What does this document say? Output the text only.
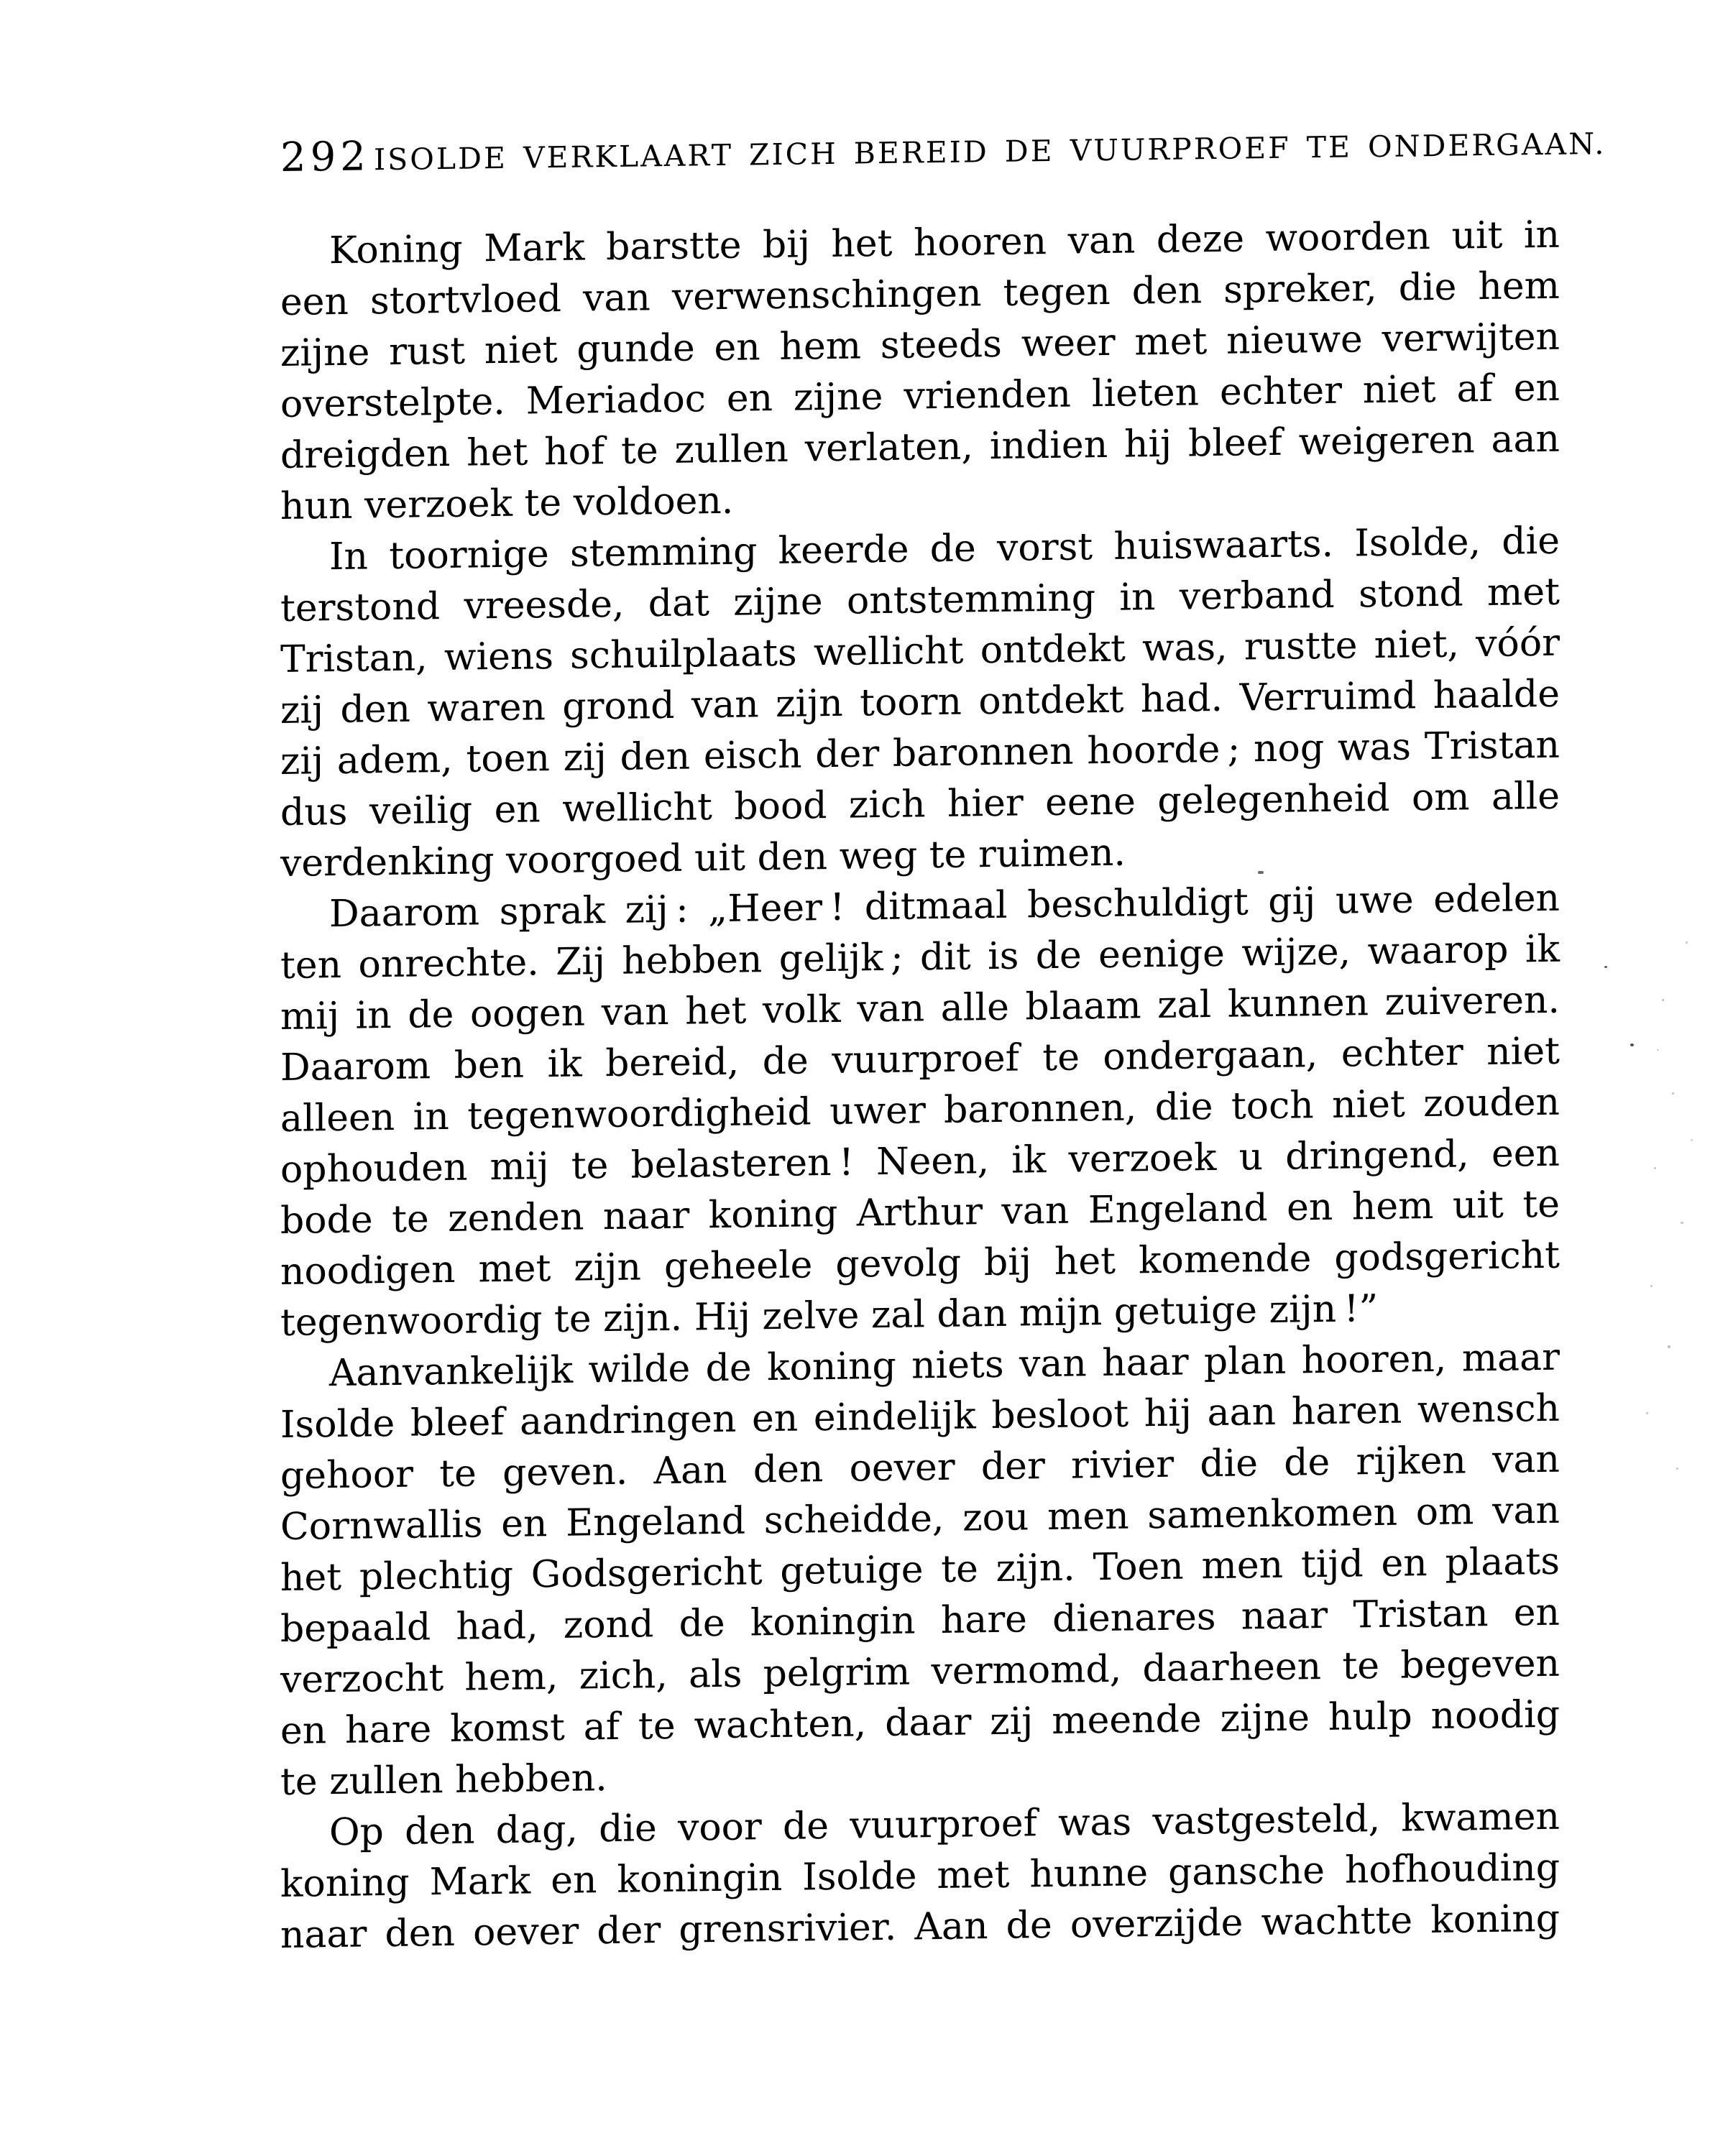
292 ISOLDE VERKLAART ZICH BEREID DE VUURPROEF TE ONDERGAAN.
Koning Mark barstte bij het hooren van deze woorden uit in
een stortvloed van verwenschingen tegen den spreker, die hem
zijne rust niet gunde en hem steeds weer met nieuwe verwijten
overstelpte. Meriadoc en zijne vrienden lieten echter niet af en
dreigden het hof te zullen verlaten, indien hij bleef weigeren aan
hun verzoek te voldoen.
In toornige stemming keerde de vorst huiswaarts. Isolde, die
terstond vreesde, dat zijne ontstemming in verband stond met
Tristan, wiens schuilplaats wellicht ontdekt was, rustte niet, vóór
zij den waren grond van zijn toorn ontdekt had. Verruimd haalde
zij adem, toen zij den eisch der baronnen hoorde ; nog was Tristan
dus veilig en wellicht bood zich hier eene gelegenheid om alle
verdenking voorgoed uit den weg te ruimen.
Daarom sprak zij : „Heer ! ditmaal beschuldigt gij uwe edelen
ten onrechte. Zij hebben gelijk ; dit is de eenige wijze, waarop ik
mij in de oogen van het volk van alle blaam zal kunnen zuiveren.
Daarom ben ik bereid, de vuurproef te ondergaan, echter niet
alleen in tegenwoordigheid uwer baronnen, die toch niet zouden
ophouden mij te belasteren ! Neen, ik verzoek u dringend, een
bode te zenden naar koning Arthur van Engeland en hem uit te
noodigen met zijn geheele gevolg bij het komende godsgericht
tegenwoordig te zijn. Hij zelve zal dan mijn getuige zijn !”
Aanvankelijk wilde de koning niets van haar plan hooren, maar
Isolde bleef aandringen en eindelijk besloot hij aan haren wensch
gehoor te geven. Aan den oever der rivier die de rijken van
Cornwallis en Engeland scheidde, zou men samenkomen om van
het plechtig Godsgericht getuige te zijn. Toen men tijd en plaats
bepaald had, zond de koningin hare dienares naar Tristan en
verzocht hem, zich, als pelgrim vermomd, daarheen te begeven
en hare komst af te wachten, daar zij meende zijne hulp noodig
te zullen hebben.
Op den dag, die voor de vuurproef was vastgesteld, kwamen
koning Mark en koningin Isolde met hunne gansche hofhouding
naar den oever der grensrivier. Aan de overzijde wachtte koning
